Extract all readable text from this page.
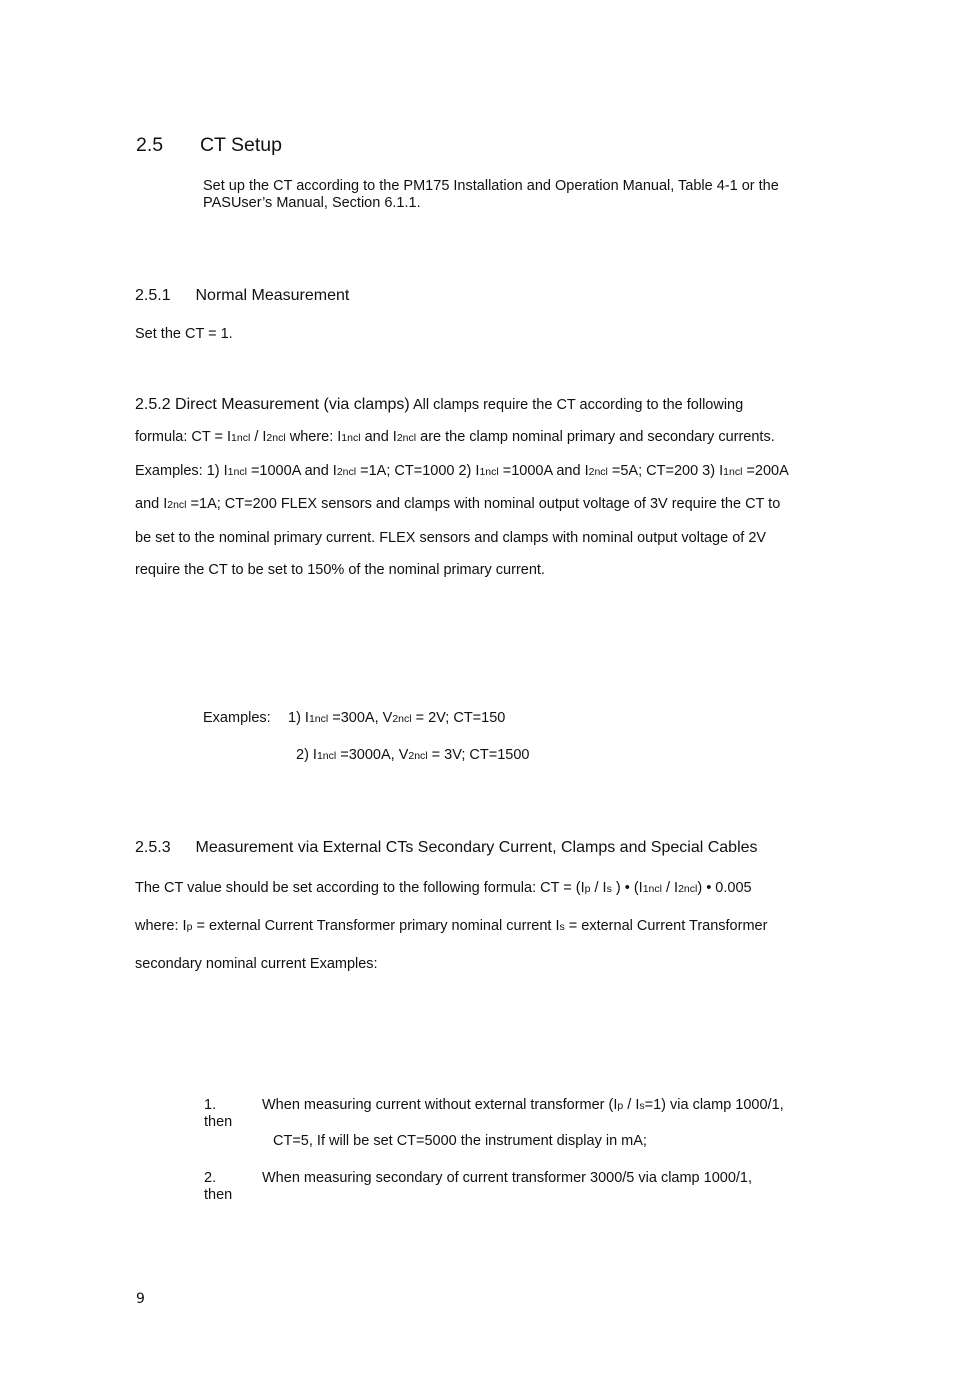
2.5 CT Setup
Set up the CT according to the PM175 Installation and Operation Manual, Table 4-1 or the
PASUser’s Manual, Section 6.1.1.
2.5.1 Normal Measurement
Set the CT = 1.
2.5.2 Direct Measurement (via clamps) All clamps require the CT according to the following
formula: CT = I1ncl / I2ncl where: I1ncl and I2ncl are the clamp nominal primary and secondary currents.
Examples: 1) I1ncl =1000A and I2ncl =1A; CT=1000 2) I1ncl =1000A and I2ncl =5A; CT=200 3) I1ncl =200A
and I2ncl =1A; CT=200 FLEX sensors and clamps with nominal output voltage of 3V require the CT to
be set to the nominal primary current. FLEX sensors and clamps with nominal output voltage of 2V
require the CT to be set to 150% of the nominal primary current.
Examples: 1) I1ncl =300A, V2ncl = 2V; CT=150
2) I1ncl =3000A, V2ncl = 3V; CT=1500
2.5.3 Measurement via External CTs Secondary Current, Clamps and Special Cables
The CT value should be set according to the following formula: CT = (Ip / Is ) • (I1ncl / I2ncl) • 0.005
where: Ip = external Current Transformer primary nominal current Is = external Current Transformer
secondary nominal current Examples:
1.
then
When measuring current without external transformer (Ip / Is=1) via clamp 1000/1,
CT=5, If will be set CT=5000 the instrument display in mA;
2.
then
When measuring secondary of current transformer 3000/5 via clamp 1000/1,
9
